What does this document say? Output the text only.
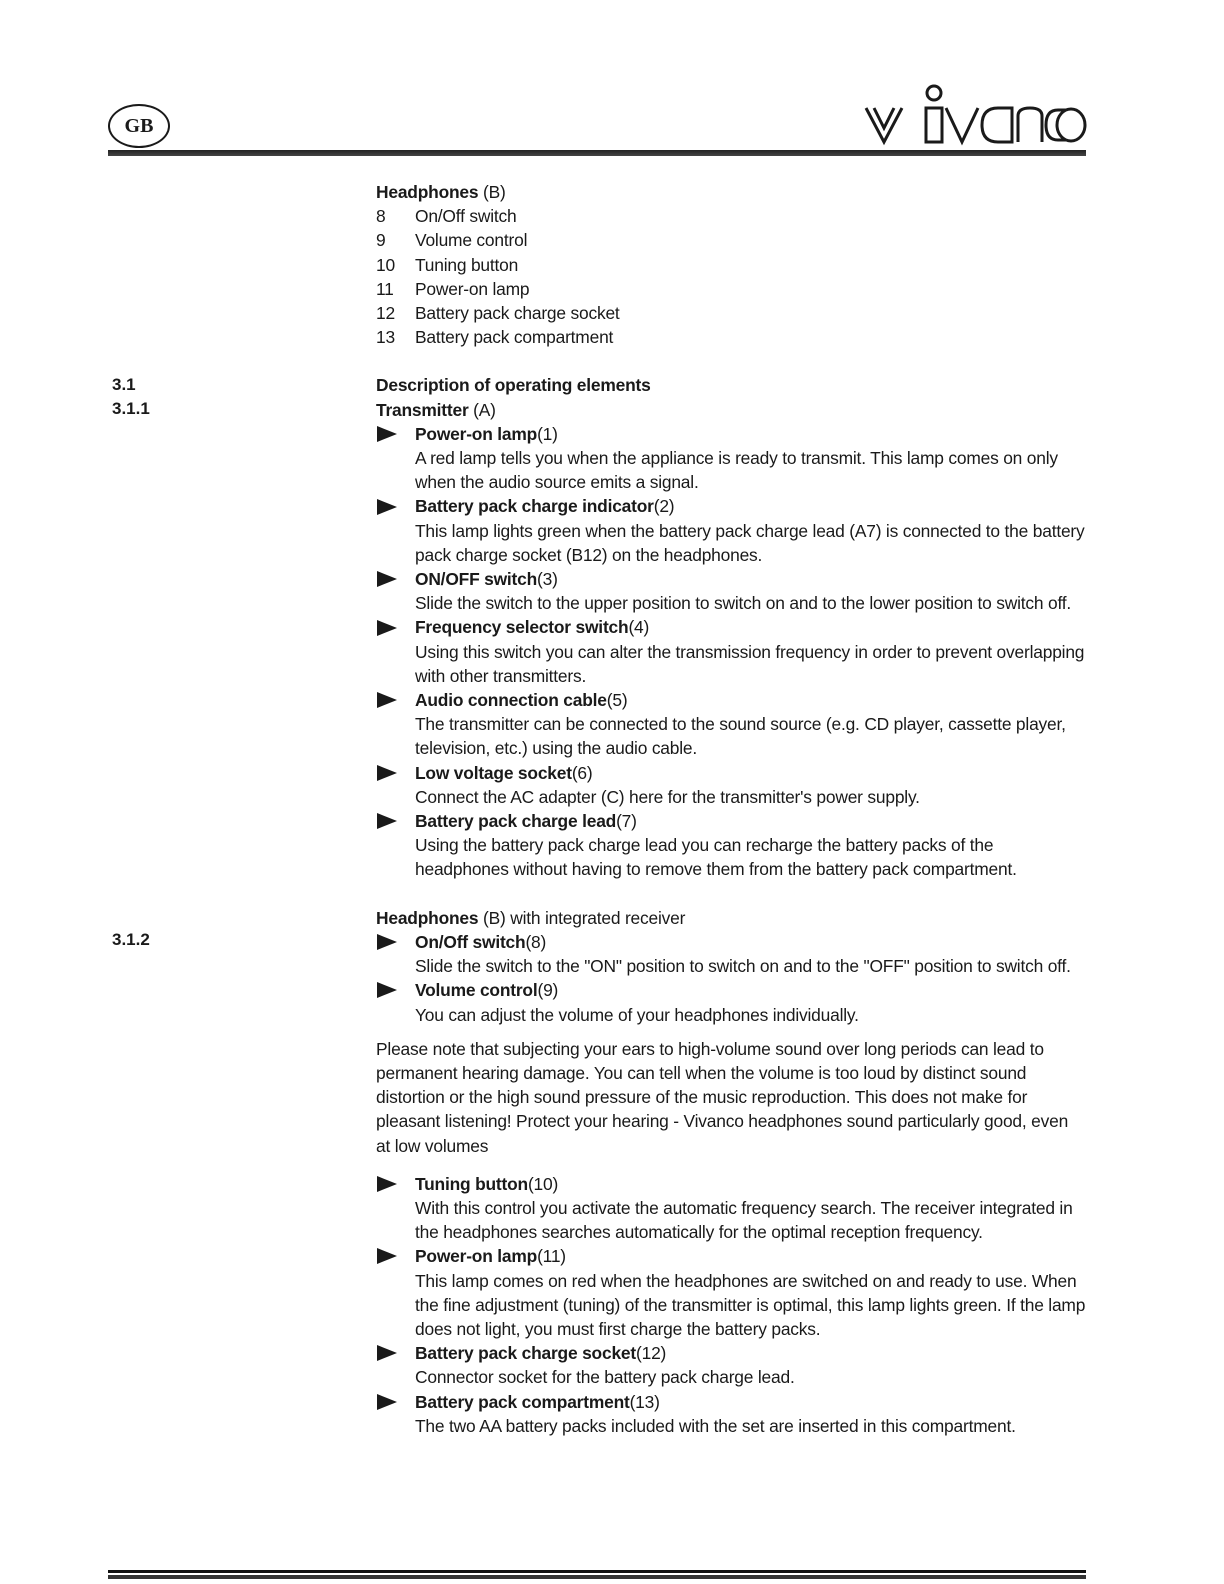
GB
vivanco
3.1
3.1.1
3.1.2
Headphones (B)
8	On/Off switch
9	Volume control
10	Tuning button
11	Power-on lamp
12	Battery pack charge socket
13	Battery pack compartment
Description of operating elements
Transmitter (A)
Power-on lamp (1)
A red lamp tells you when the appliance is ready to transmit. This lamp comes on only when the audio source emits a signal.
Battery pack charge indicator (2)
This lamp lights green when the battery pack charge lead (A7) is connected to the battery pack charge socket (B12) on the headphones.
ON/OFF switch (3)
Slide the switch to the upper position to switch on and to the lower position to switch off.
Frequency selector switch (4)
Using this switch you can alter the transmission frequency in order to prevent overlapping with other transmitters.
Audio connection cable (5)
The transmitter can be connected to the sound source (e.g. CD player, cassette player, television, etc.) using the audio cable.
Low voltage socket (6)
Connect the AC adapter (C) here for the transmitter's power supply.
Battery pack charge lead (7)
Using the battery pack charge lead you can recharge the battery packs of the headphones without having to remove them from the battery pack compartment.
Headphones (B) with integrated receiver
On/Off switch (8)
Slide the switch to the "ON" position to switch on and to the "OFF" position to switch off.
Volume control (9)
You can adjust the volume of your headphones individually.

Please note that subjecting your ears to high-volume sound over long periods can lead to permanent hearing damage. You can tell when the volume is too loud by distinct sound distortion or the high sound pressure of the music reproduction. This does not make for pleasant listening! Protect your hearing - Vivanco headphones sound particularly good, even at low volumes

Tuning button (10)
With this control you activate the automatic frequency search. The receiver integrated in the headphones searches automatically for the optimal reception frequency.
Power-on lamp (11)
This lamp comes on red when the headphones are switched on and ready to use. When the fine adjustment (tuning) of the transmitter is optimal, this lamp lights green. If the lamp does not light, you must first charge the battery packs.
Battery pack charge socket (12)
Connector socket for the battery pack charge lead.
Battery pack compartment (13)
The two AA battery packs included with the set are inserted in this compartment.
